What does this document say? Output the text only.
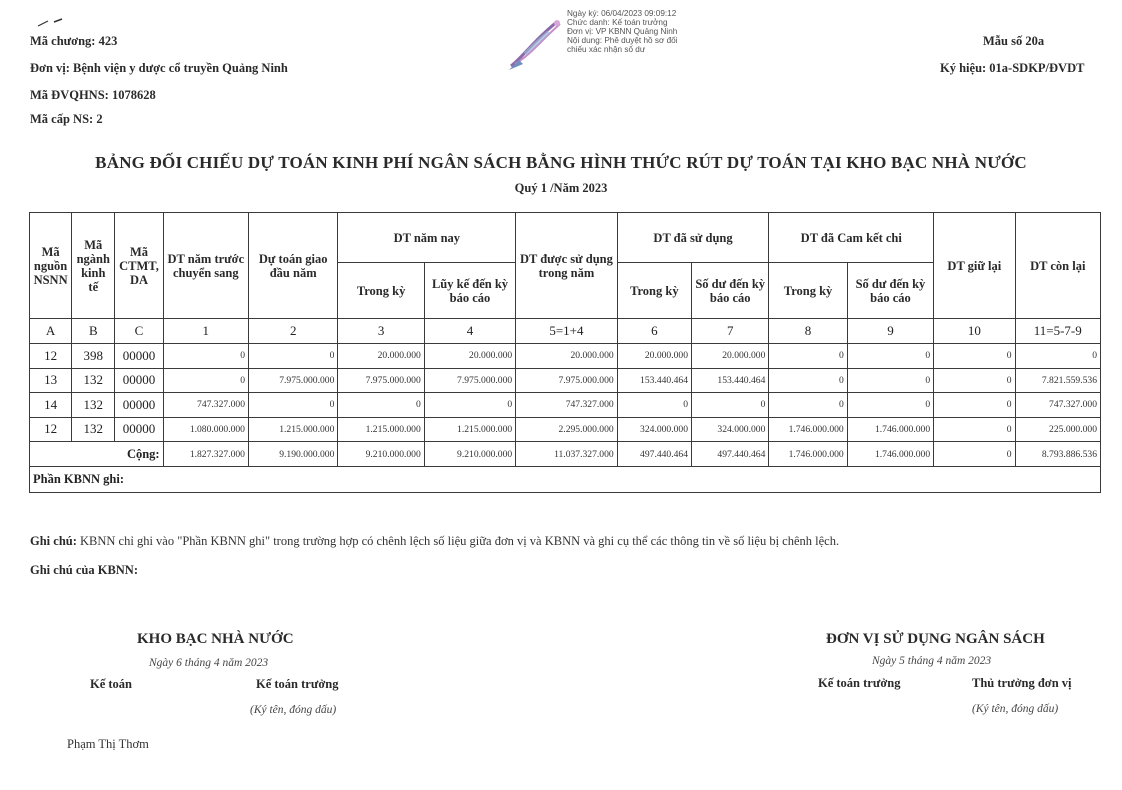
Mã chương: 423
Đơn vị: Bệnh viện y dược cổ truyền Quảng Ninh
Mã ĐVQHNS: 1078628
Mã cấp NS: 2
Mẫu số 20a
Ký hiệu: 01a-SDKP/ĐVDT
Ngày ký: 06/04/2023 09:09:12
Chức danh: Kế toán trưởng
Đơn vị: VP KBNN Quảng Ninh
Nội dung: Phê duyệt hồ sơ đối
chiếu xác nhận số dư
BẢNG ĐỐI CHIẾU DỰ TOÁN KINH PHÍ NGÂN SÁCH BẰNG HÌNH THỨC RÚT DỰ TOÁN TẠI KHO BẠC NHÀ NƯỚC
Quý 1 /Năm 2023
Mã nguồn NSNN	Mã ngành kinh tế	Mã CTMT, DA	DT năm trước chuyển sang	Dự toán giao đầu năm	DT năm nay		DT được sử dụng trong năm	DT đã sử dụng		DT đã Cam kết chi		DT giữ lại	DT còn lại
					Trong kỳ	Lũy kế đến kỳ báo cáo		Trong kỳ	Số dư đến kỳ báo cáo	Trong kỳ	Số dư đến kỳ báo cáo		
A	B	C	1	2	3	4	5=1+4	6	7	8	9	10	11=5-7-9
12	398	00000	0	0	20.000.000	20.000.000	20.000.000	20.000.000	20.000.000	0	0	0	0
13	132	00000	0	7.975.000.000	7.975.000.000	7.975.000.000	7.975.000.000	153.440.464	153.440.464	0	0	0	7.821.559.536
14	132	00000	747.327.000	0	0	0	747.327.000	0	0	0	0	0	747.327.000
12	132	00000	1.080.000.000	1.215.000.000	1.215.000.000	1.215.000.000	2.295.000.000	324.000.000	324.000.000	1.746.000.000	1.746.000.000	0	225.000.000
Cộng:			1.827.327.000	9.190.000.000	9.210.000.000	9.210.000.000	11.037.327.000	497.440.464	497.440.464	1.746.000.000	1.746.000.000	0	8.793.886.536
Phần KBNN ghi:													
Ghi chú: KBNN chỉ ghi vào "Phần KBNN ghi" trong trường hợp có chênh lệch số liệu giữa đơn vị và KBNN và ghi cụ thể các thông tin về số liệu bị chênh lệch.
Ghi chú của KBNN:
KHO BẠC NHÀ NƯỚC
Ngày 6 tháng 4 năm 2023
Kế toán	Kế toán trưởng
(Ký tên, đóng dấu)
Phạm Thị Thơm
ĐƠN VỊ SỬ DỤNG NGÂN SÁCH
Ngày 5 tháng 4 năm 2023
Kế toán trưởng	Thủ trưởng đơn vị
(Ký tên, đóng dấu)
